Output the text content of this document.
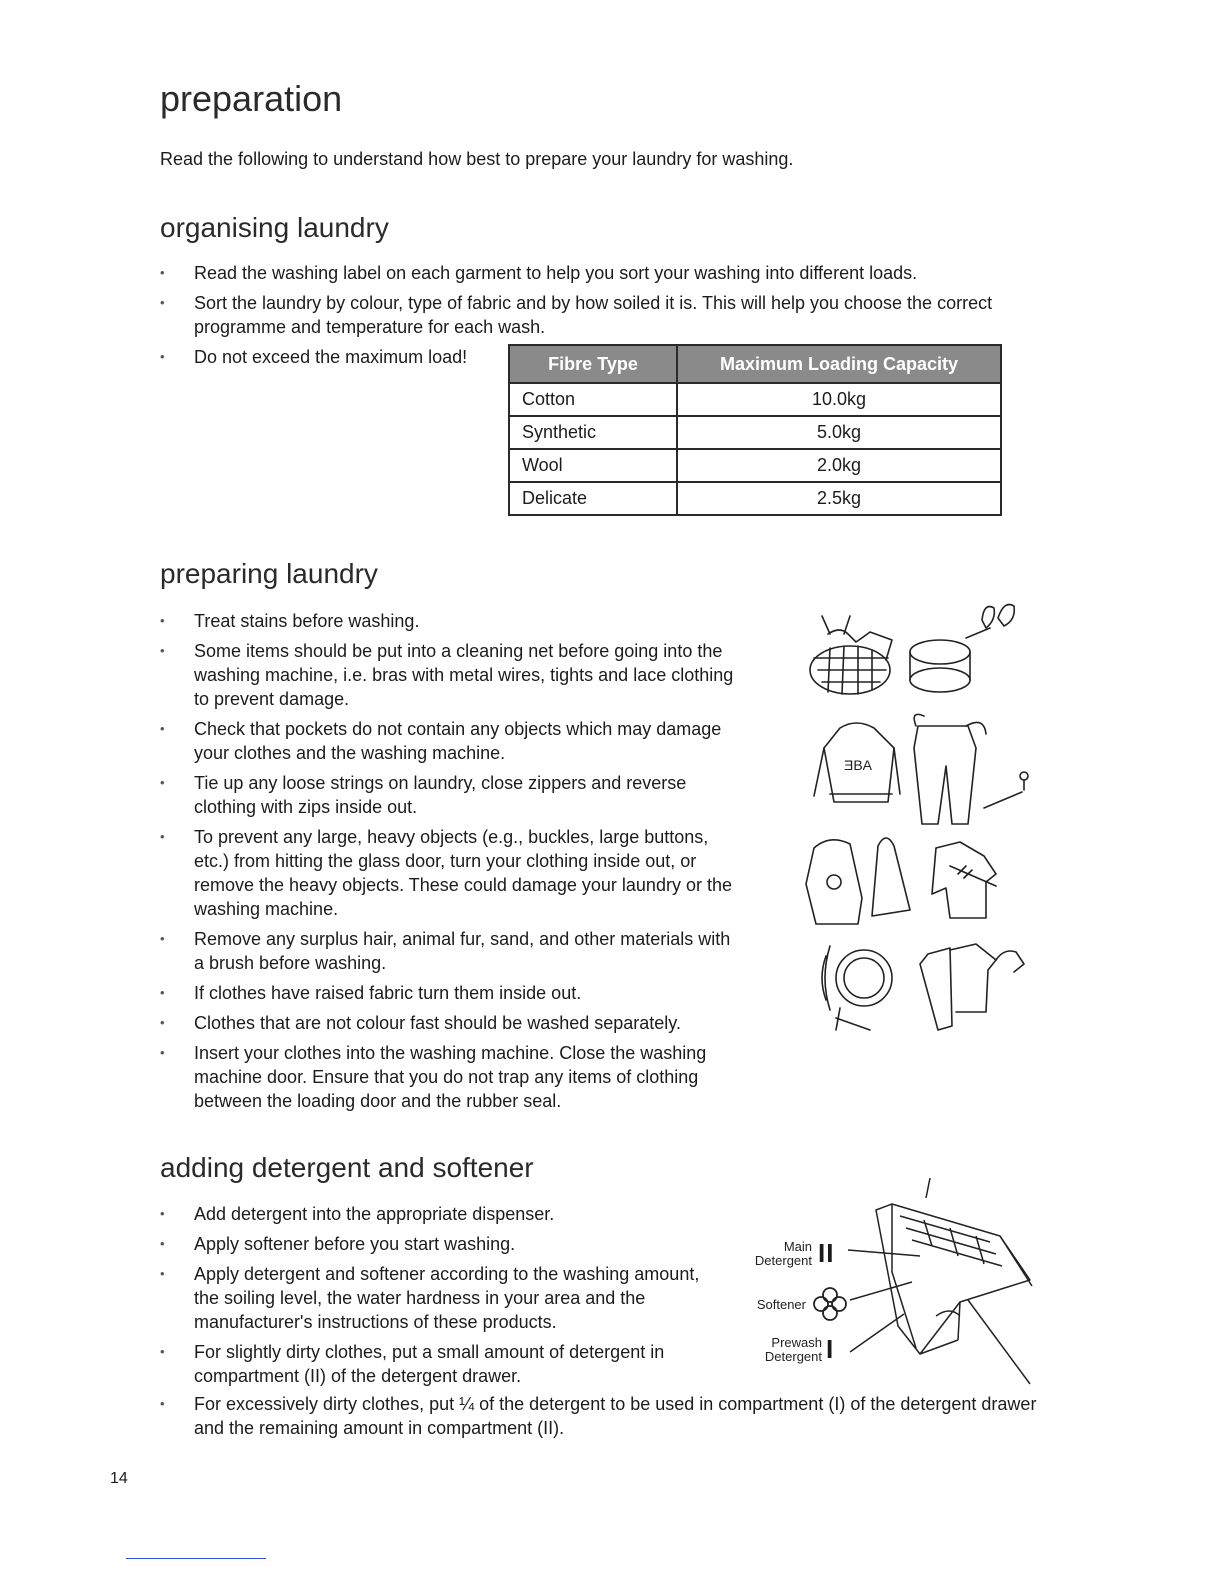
preparation

Read the following to understand how best to prepare your laundry for washing.

organising laundry
• Read the washing label on each garment to help you sort your washing into different loads.
• Sort the laundry by colour, type of fabric and by how soiled it is. This will help you choose the correct programme and temperature for each wash.
• Do not exceed the maximum load!	Fibre Type	Maximum Loading Capacity
Cotton	10.0kg
Synthetic	5.0kg
Wool	2.0kg
Delicate	2.5kg
preparing laundry
• Treat stains before washing.
• Some items should be put into a cleaning net before going into the washing machine, i.e. bras with metal wires, tights and lace clothing to prevent damage.
• Check that pockets do not contain any objects which may damage your clothes and the washing machine.
• Tie up any loose strings on laundry, close zippers and reverse clothing with zips inside out.
• To prevent any large, heavy objects (e.g., buckles, large buttons, etc.) from hitting the glass door, turn your clothing inside out, or remove the heavy objects. These could damage your laundry or the washing machine.
• Remove any surplus hair, animal fur, sand, and other materials with a brush before washing.
• If clothes have raised fabric turn them inside out.
• Clothes that are not colour fast should be washed separately.
• Insert your clothes into the washing machine. Close the washing machine door. Ensure that you do not trap any items of clothing between the loading door and the rubber seal.
ƎBA
adding detergent and softener
• Add detergent into the appropriate dispenser.
• Apply softener before you start washing.
• Apply detergent and softener according to the washing amount, the soiling level, the water hardness in your area and the manufacturer's instructions of these products.
• For slightly dirty clothes, put a small amount of detergent in compartment (II) of the detergent drawer.
• For excessively dirty clothes, put ¼ of the detergent to be used in compartment (I) of the detergent drawer and the remaining amount in compartment (II).
Main
Detergent II
Softener
Prewash
Detergent I
14
